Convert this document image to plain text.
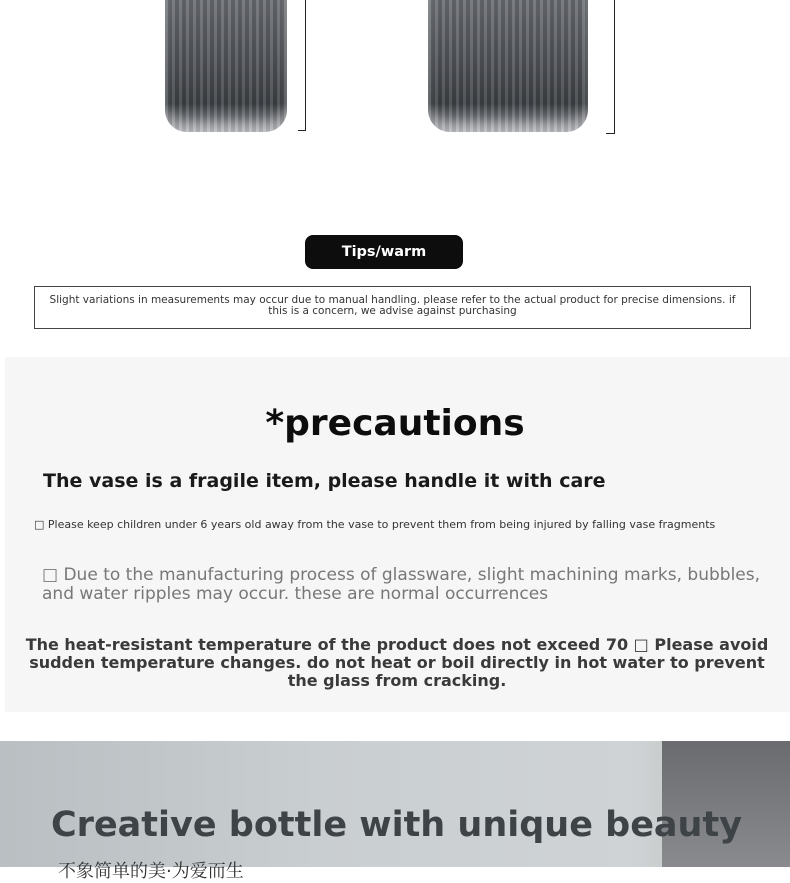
Tips/warm reminder
Slight variations in measurements may occur due to manual handling. please refer to the actual product for precise dimensions. if this is a concern, we advise against purchasing
*precautions
The vase is a fragile item, please handle it with care
□ Please keep children under 6 years old away from the vase to prevent them from being injured by falling vase fragments
□ Due to the manufacturing process of glassware, slight machining marks, bubbles, and water ripples may occur. these are normal occurrences
The heat-resistant temperature of the product does not exceed 70 □ Please avoid sudden temperature changes. do not heat or boil directly in hot water to prevent the glass from cracking.
Creative bottle with unique beauty
不象简单的美·为爱而生
